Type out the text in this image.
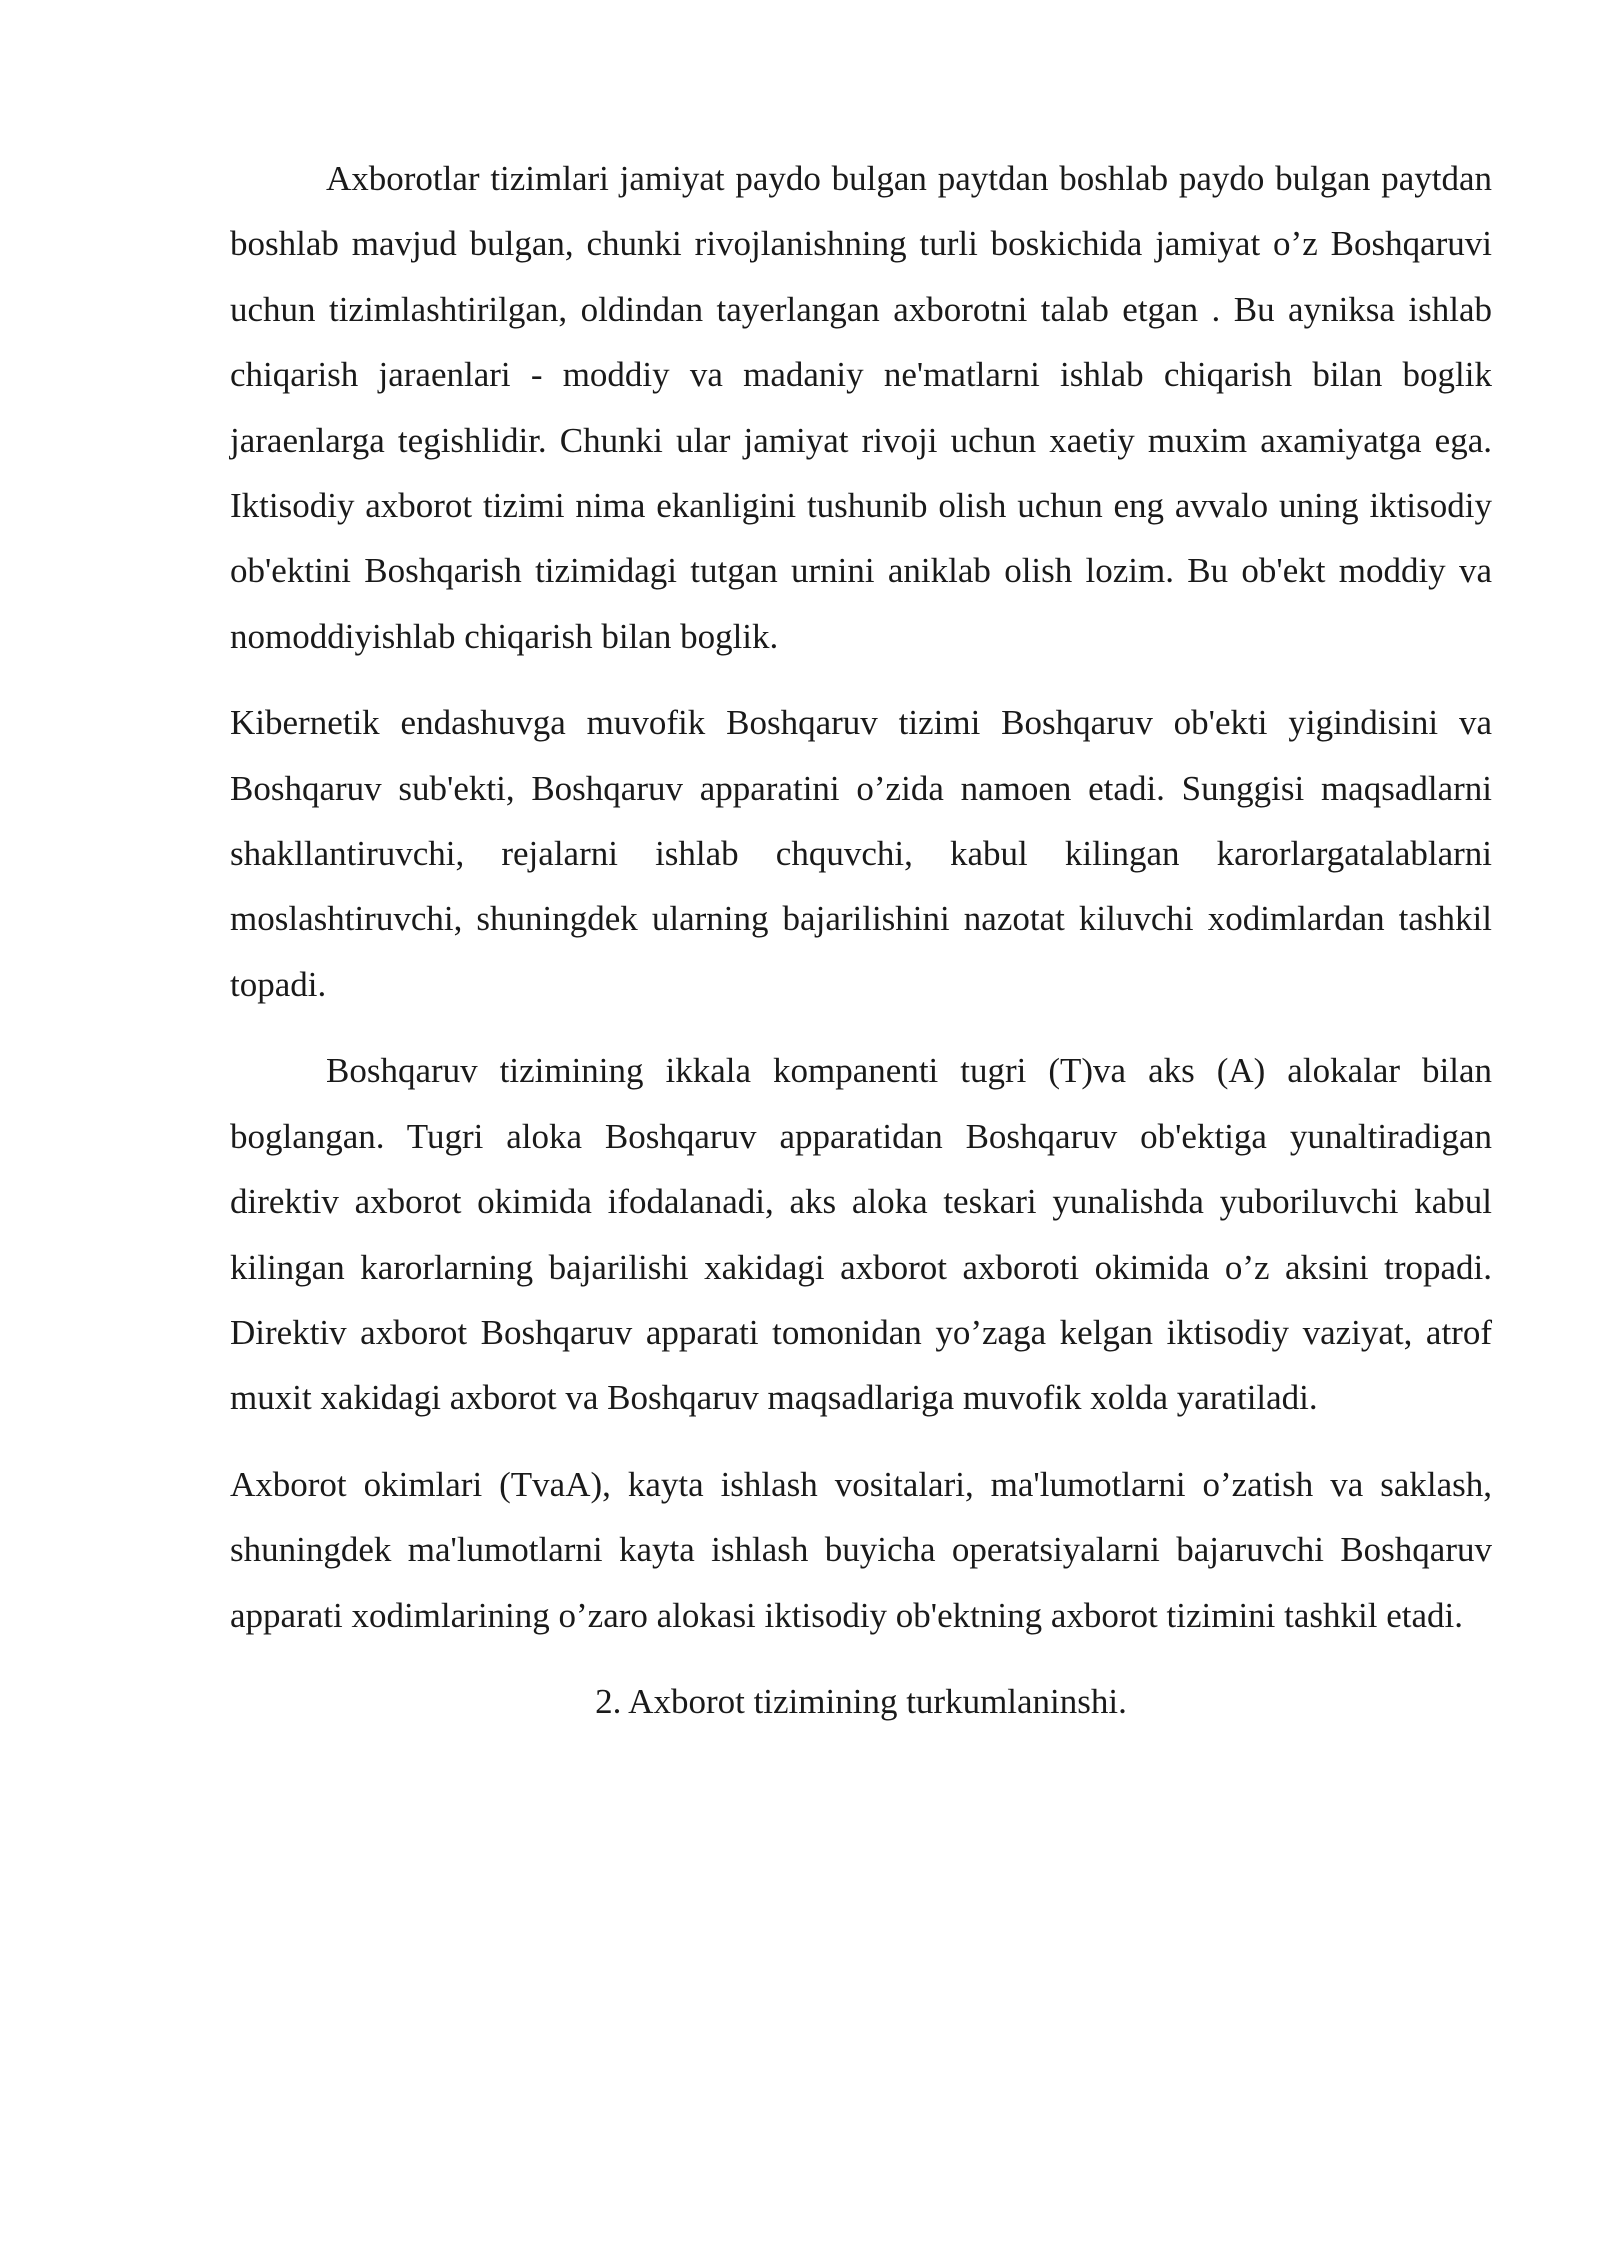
Axborotlar tizimlari jamiyat paydo bulgan paytdan boshlab paydo bulgan paytdan boshlab mavjud bulgan, chunki rivojlanishning turli boskichida jamiyat o’z Boshqaruvi uchun tizimlashtirilgan, oldindan tayerlangan axborotni talab etgan . Bu ayniksa ishlab chiqarish jaraenlari - moddiy va madaniy ne'matlarni ishlab chiqarish bilan boglik jaraenlarga tegishlidir. Chunki ular jamiyat rivoji uchun xaetiy muxim axamiyatga ega. Iktisodiy axborot tizimi nima ekanligini tushunib olish uchun eng avvalo uning iktisodiy ob'ektini Boshqarish tizimidagi tutgan urnini aniklab olish lozim. Bu ob'ekt moddiy va nomoddiyishlab chiqarish bilan boglik.

Kibernetik endashuvga muvofik Boshqaruv tizimi Boshqaruv ob'ekti yigindisini va Boshqaruv sub'ekti, Boshqaruv apparatini o’zida namoen etadi. Sunggisi maqsadlarni shakllantiruvchi, rejalarni ishlab chquvchi, kabul kilingan karorlargatalablarni moslashtiruvchi, shuningdek ularning bajarilishini nazotat kiluvchi xodimlardan tashkil topadi.

Boshqaruv tizimining ikkala kompanenti tugri (T)va aks (A) alokalar bilan boglangan. Tugri aloka Boshqaruv apparatidan Boshqaruv ob'ektiga yunaltiradigan direktiv axborot okimida ifodalanadi, aks aloka teskari yunalishda yuboriluvchi kabul kilingan karorlarning bajarilishi xakidagi axborot axboroti okimida o’z aksini tropadi. Direktiv axborot Boshqaruv apparati tomonidan yo’zaga kelgan iktisodiy vaziyat, atrof muxit xakidagi axborot va Boshqaruv maqsadlariga muvofik xolda yaratiladi.

Axborot okimlari (TvaA), kayta ishlash vositalari, ma'lumotlarni o’zatish va saklash, shuningdek ma'lumotlarni kayta ishlash buyicha operatsiyalarni bajaruvchi Boshqaruv apparati xodimlarining o’zaro alokasi iktisodiy ob'ektning axborot tizimini tashkil etadi.

2. Axborot tizimining turkumlaninshi.
